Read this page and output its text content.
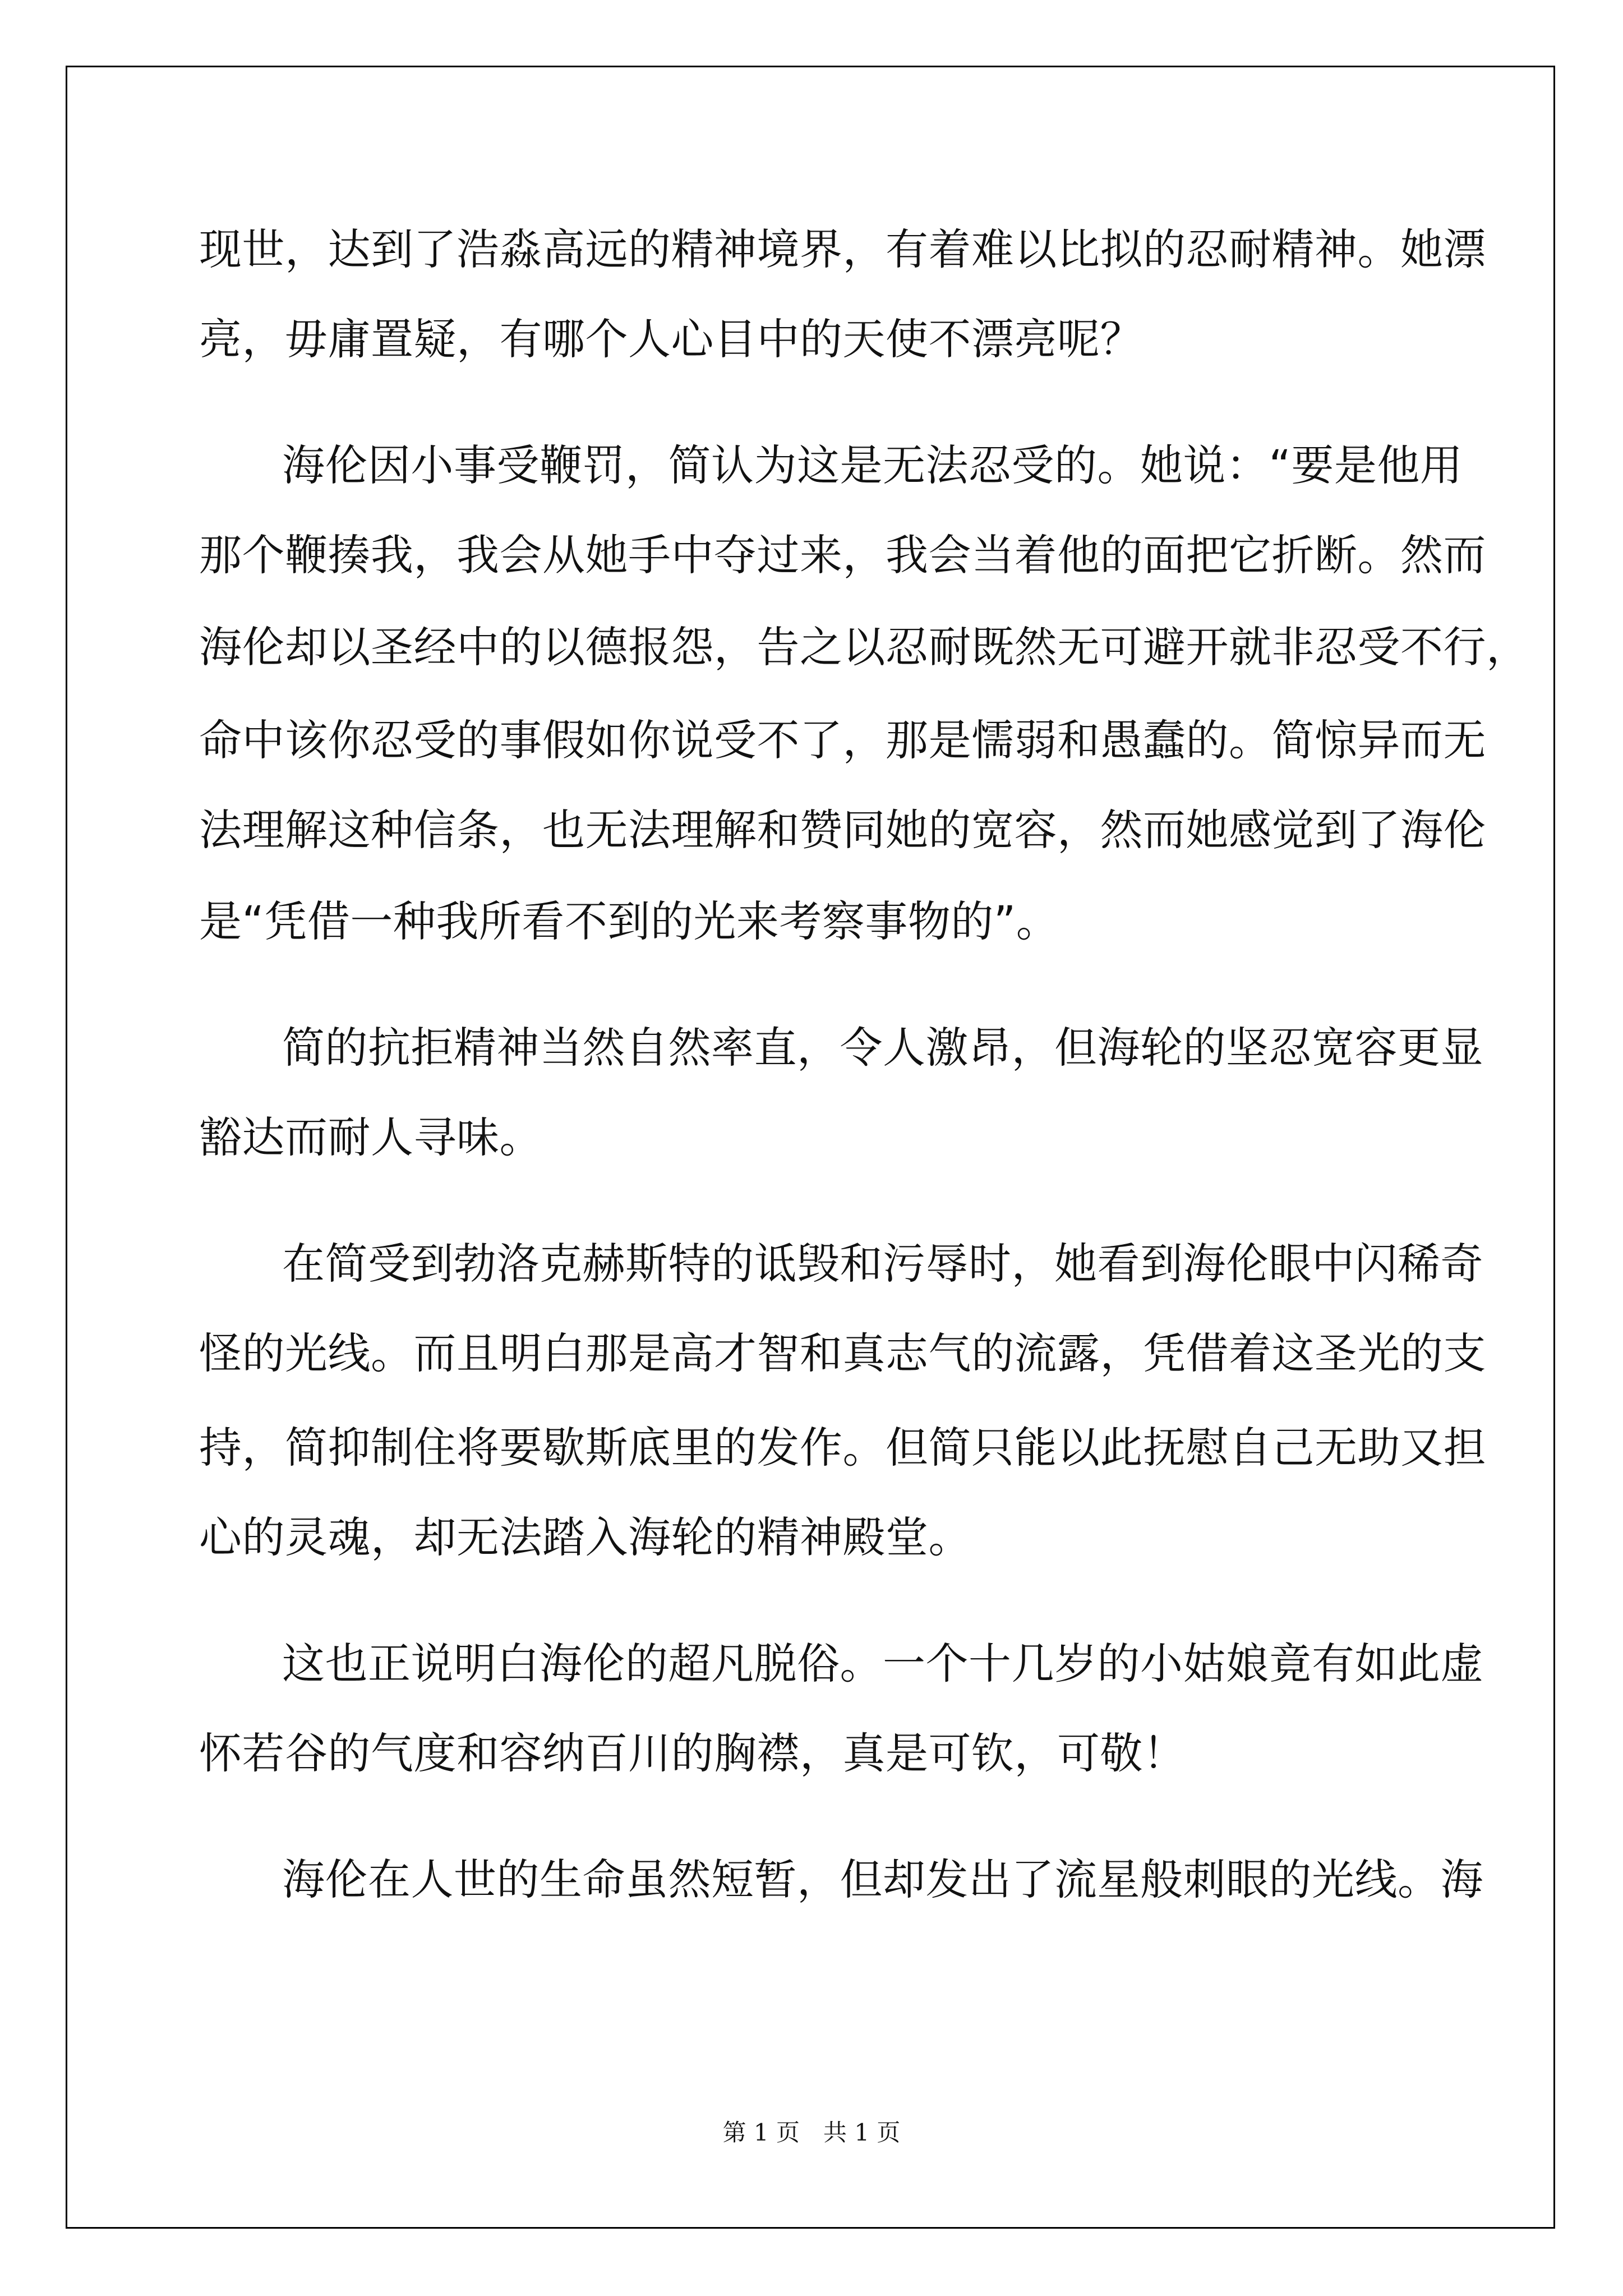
现世，达到了浩淼高远的精神境界，有着难以比拟的忍耐精神。她漂

亮，毋庸置疑，有哪个人心目中的天使不漂亮呢？

海伦因小事受鞭罚，简认为这是无法忍受的。她说：“要是他用

那个鞭揍我，我会从她手中夺过来，我会当着他的面把它折断。然而

海伦却以圣经中的以德报怨，告之以忍耐既然无可避开就非忍受不行，

命中该你忍受的事假如你说受不了，那是懦弱和愚蠢的。简惊异而无

法理解这种信条，也无法理解和赞同她的宽容，然而她感觉到了海伦

是“凭借一种我所看不到的光来考察事物的”。

简的抗拒精神当然自然率直，令人激昂，但海轮的坚忍宽容更显

豁达而耐人寻味。

在简受到勃洛克赫斯特的诋毁和污辱时，她看到海伦眼中闪稀奇

怪的光线。而且明白那是高才智和真志气的流露，凭借着这圣光的支

持，简抑制住将要歇斯底里的发作。但简只能以此抚慰自己无助又担

心的灵魂，却无法踏入海轮的精神殿堂。

这也正说明白海伦的超凡脱俗。一个十几岁的小姑娘竟有如此虚

怀若谷的气度和容纳百川的胸襟，真是可钦，可敬！

海伦在人世的生命虽然短暂，但却发出了流星般刺眼的光线。海

第 1 页　共 1 页
